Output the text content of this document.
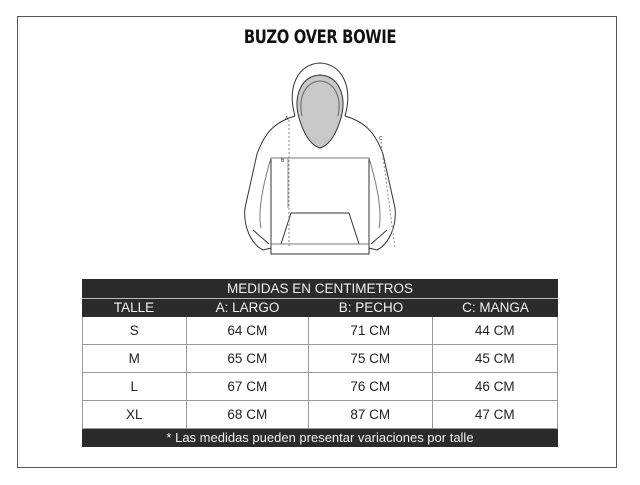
BUZO OVER BOWIE
A
B
C
MEDIDAS EN CENTIMETROS
TALLE	A: LARGO	B: PECHO	C: MANGA
S	64 CM	71 CM	44 CM
M	65 CM	75 CM	45 CM
L	67 CM	76 CM	46 CM
XL	68 CM	87 CM	47 CM
* Las medidas pueden presentar variaciones por talle
